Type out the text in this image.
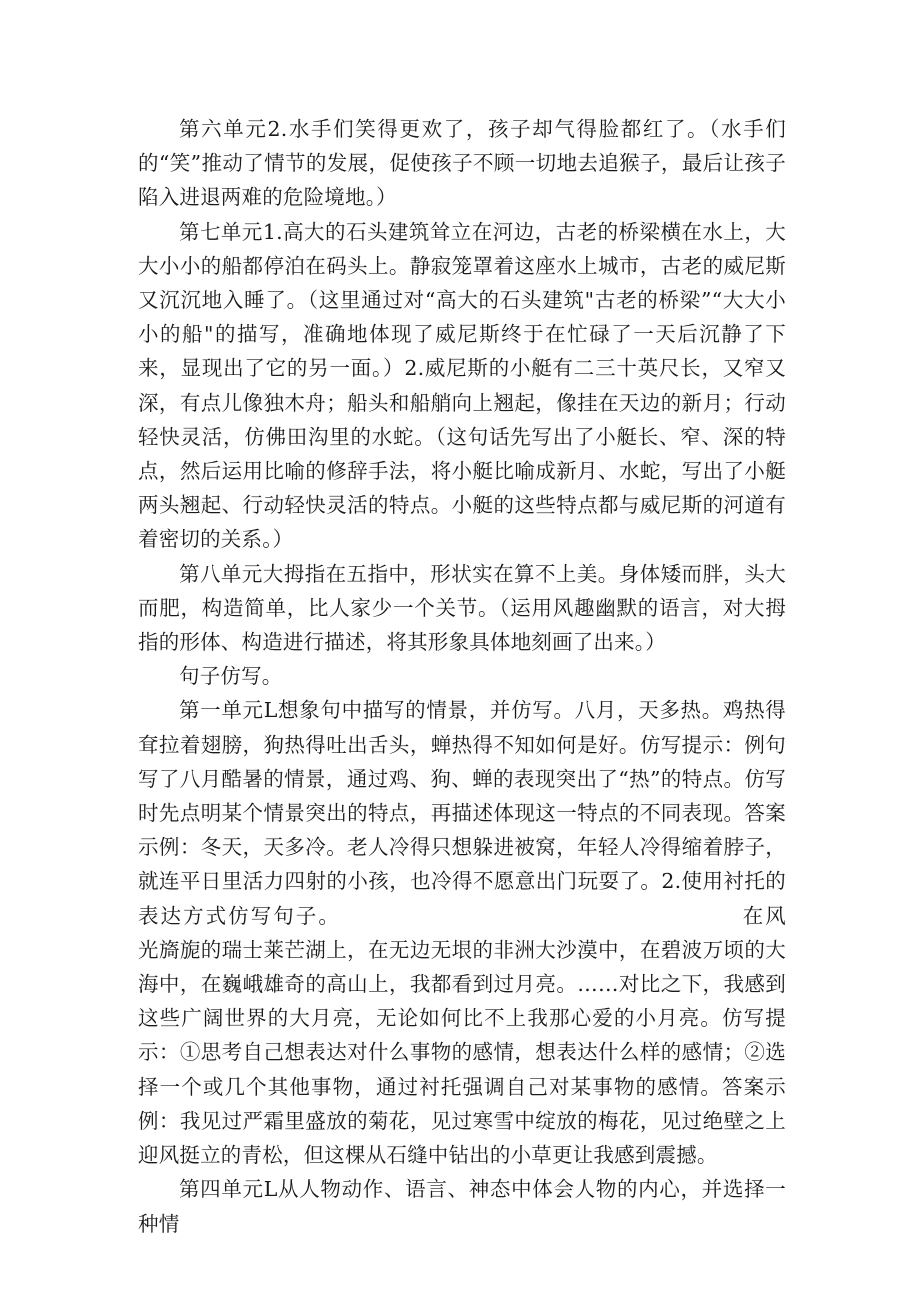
第六单元2.水手们笑得更欢了，孩子却气得脸都红了。（水手们的“笑”推动了情节的发展，促使孩子不顾一切地去追猴子，最后让孩子陷入进退两难的危险境地。）

第七单元1.高大的石头建筑耸立在河边，古老的桥梁横在水上，大大小小的船都停泊在码头上。静寂笼罩着这座水上城市，古老的威尼斯又沉沉地入睡了。（这里通过对“高大的石头建筑"古老的桥梁”“大大小小的船"的描写，准确地体现了威尼斯终于在忙碌了一天后沉静了下来，显现出了它的另一面。）2.威尼斯的小艇有二三十英尺长，又窄又深，有点儿像独木舟；船头和船艄向上翘起，像挂在天边的新月；行动轻快灵活，仿佛田沟里的水蛇。（这句话先写出了小艇长、窄、深的特点，然后运用比喻的修辞手法，将小艇比喻成新月、水蛇，写出了小艇两头翘起、行动轻快灵活的特点。小艇的这些特点都与威尼斯的河道有着密切的关系。）

第八单元大拇指在五指中，形状实在算不上美。身体矮而胖，头大而肥，构造简单，比人家少一个关节。（运用风趣幽默的语言，对大拇指的形体、构造进行描述，将其形象具体地刻画了出来。）

句子仿写。

第一单元L想象句中描写的情景，并仿写。八月，天多热。鸡热得耷拉着翅膀，狗热得吐出舌头，蝉热得不知如何是好。仿写提示：例句写了八月酷暑的情景，通过鸡、狗、蝉的表现突出了“热”的特点。仿写时先点明某个情景突出的特点，再描述体现这一特点的不同表现。答案示例：冬天，天多冷。老人冷得只想躲进被窝，年轻人冷得缩着脖子，就连平日里活力四射的小孩，也冷得不愿意出门玩耍了。2.使用衬托的表达方式仿写句子。	在风光旖旎的瑞士莱芒湖上，在无边无垠的非洲大沙漠中，在碧波万顷的大海中，在巍峨雄奇的高山上，我都看到过月亮。……对比之下，我感到这些广阔世界的大月亮，无论如何比不上我那心爱的小月亮。仿写提示：①思考自己想表达对什么事物的感情，想表达什么样的感情；②选择一个或几个其他事物，通过衬托强调自己对某事物的感情。答案示例：我见过严霜里盛放的菊花，见过寒雪中绽放的梅花，见过绝壁之上迎风挺立的青松，但这棵从石缝中钻出的小草更让我感到震撼。

第四单元L从人物动作、语言、神态中体会人物的内心，并选择一种情
